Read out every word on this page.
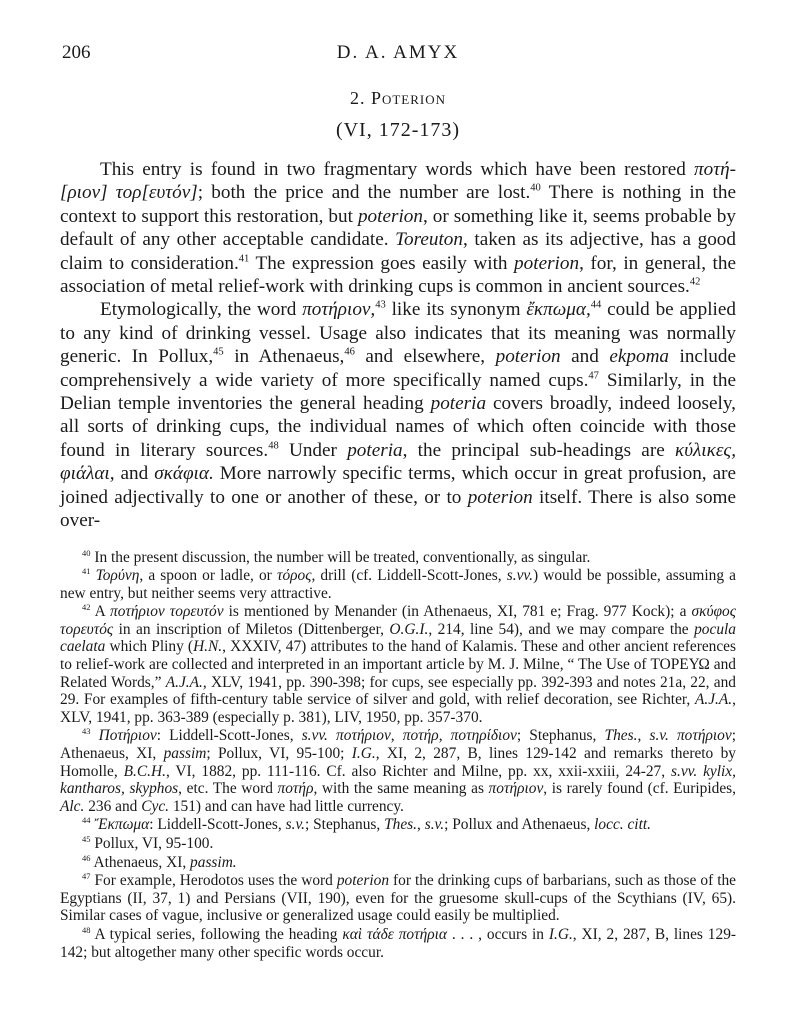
206	D. A. AMYX
2. Poterion
(VI, 172-173)

This entry is found in two fragmentary words which have been restored ποτή-[ριον] τορ[ευτόν]; both the price and the number are lost.$^{40}$ There is nothing in the context to support this restoration, but poterion, or something like it, seems probable by default of any other acceptable candidate. Toreuton, taken as its adjective, has a good claim to consideration.$^{41}$ The expression goes easily with poterion, for, in general, the association of metal relief-work with drinking cups is common in ancient sources.$^{42}$

Etymologically, the word ποτήριον,$^{43}$ like its synonym ἔκπωμα,$^{44}$ could be applied to any kind of drinking vessel. Usage also indicates that its meaning was normally generic. In Pollux,$^{45}$ in Athenaeus,$^{46}$ and elsewhere, poterion and ekpoma include comprehensively a wide variety of more specifically named cups.$^{47}$ Similarly, in the Delian temple inventories the general heading poteria covers broadly, indeed loosely, all sorts of drinking cups, the individual names of which often coincide with those found in literary sources.$^{48}$ Under poteria, the principal sub-headings are κύλικες, φιάλαι, and σκάφια. More narrowly specific terms, which occur in great profusion, are joined adjectivally to one or another of these, or to poterion itself. There is also some over-

$^{40}$ In the present discussion, the number will be treated, conventionally, as singular.

$^{41}$ Τορύνη, a spoon or ladle, or τόρος, drill (cf. Liddell-Scott-Jones, s.vv.) would be possible, assuming a new entry, but neither seems very attractive.

$^{42}$ A ποτήριον τορευτόν is mentioned by Menander (in Athenaeus, XI, 781 e; Frag. 977 Kock); a σκύφος τορευτός in an inscription of Miletos (Dittenberger, O.G.I., 214, line 54), and we may compare the pocula caelata which Pliny (H.N., XXXIV, 47) attributes to the hand of Kalamis. These and other ancient references to relief-work are collected and interpreted in an important article by M. J. Milne, “ The Use of ΤΟΡΕΥΩ and Related Words,” A.J.A., XLV, 1941, pp. 390-398; for cups, see especially pp. 392-393 and notes 21a, 22, and 29. For examples of fifth-century table service of silver and gold, with relief decoration, see Richter, A.J.A., XLV, 1941, pp. 363-389 (especially p. 381), LIV, 1950, pp. 357-370.

$^{43}$ Ποτήριον: Liddell-Scott-Jones, s.vv. ποτήριον, ποτήρ, ποτηρίδιον; Stephanus, Thes., s.v. ποτήριον; Athenaeus, XI, passim; Pollux, VI, 95-100; I.G., XI, 2, 287, B, lines 129-142 and remarks thereto by Homolle, B.C.H., VI, 1882, pp. 111-116. Cf. also Richter and Milne, pp. xx, xxii-xxiii, 24-27, s.vv. kylix, kantharos, skyphos, etc. The word ποτήρ, with the same meaning as ποτήριον, is rarely found (cf. Euripides, Alc. 236 and Cyc. 151) and can have had little currency.

$^{44}$ Ἔκπωμα: Liddell-Scott-Jones, s.v.; Stephanus, Thes., s.v.; Pollux and Athenaeus, locc. citt.

$^{45}$ Pollux, VI, 95-100.

$^{46}$ Athenaeus, XI, passim.

$^{47}$ For example, Herodotos uses the word poterion for the drinking cups of barbarians, such as those of the Egyptians (II, 37, 1) and Persians (VII, 190), even for the gruesome skull-cups of the Scythians (IV, 65). Similar cases of vague, inclusive or generalized usage could easily be multiplied.

$^{48}$ A typical series, following the heading καὶ τάδε ποτήρια . . . , occurs in I.G., XI, 2, 287, B, lines 129-142; but altogether many other specific words occur.
